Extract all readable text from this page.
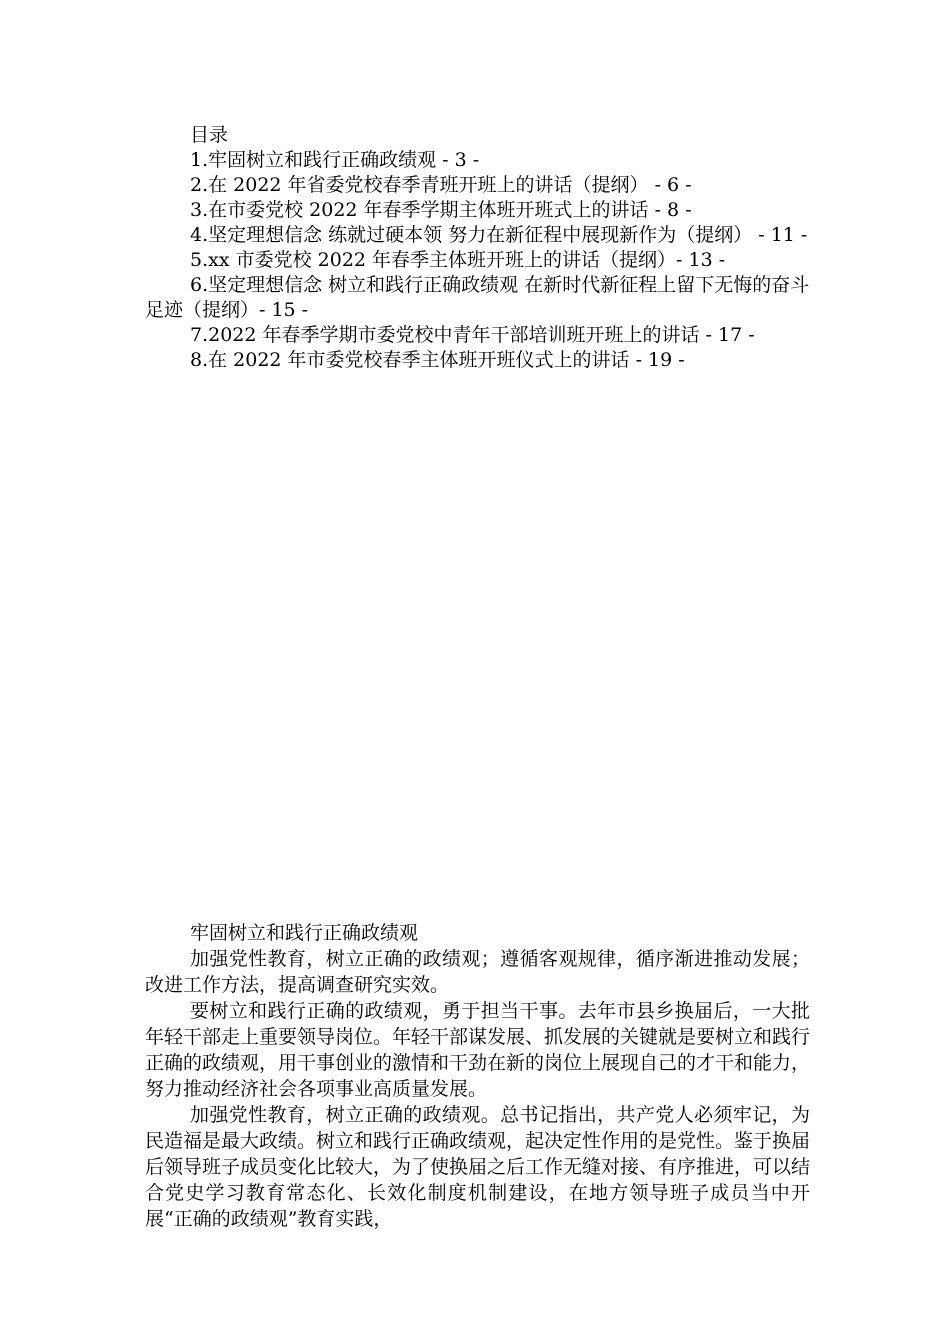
目录

1.牢固树立和践行正确政绩观 - 3 -

2.在 2022 年省委党校春季青班开班上的讲话（提纲） - 6 -

3.在市委党校 2022 年春季学期主体班开班式上的讲话 - 8 -

4.坚定理想信念 练就过硬本领 努力在新征程中展现新作为（提纲） - 11 -

5.xx 市委党校 2022 年春季主体班开班上的讲话（提纲）- 13 -

6.坚定理想信念 树立和践行正确政绩观 在新时代新征程上留下无悔的奋斗足迹（提纲）- 15 -

7.2022 年春季学期市委党校中青年干部培训班开班上的讲话 - 17 -

8.在 2022 年市委党校春季主体班开班仪式上的讲话 - 19 -

牢固树立和践行正确政绩观

加强党性教育，树立正确的政绩观；遵循客观规律，循序渐进推动发展；改进工作方法，提高调查研究实效。

要树立和践行正确的政绩观，勇于担当干事。去年市县乡换届后，一大批年轻干部走上重要领导岗位。年轻干部谋发展、抓发展的关键就是要树立和践行正确的政绩观，用干事创业的激情和干劲在新的岗位上展现自己的才干和能力，努力推动经济社会各项事业高质量发展。

加强党性教育，树立正确的政绩观。总书记指出，共产党人必须牢记，为民造福是最大政绩。树立和践行正确政绩观，起决定性作用的是党性。鉴于换届后领导班子成员变化比较大，为了使换届之后工作无缝对接、有序推进，可以结合党史学习教育常态化、长效化制度机制建设，在地方领导班子成员当中开展“正确的政绩观”教育实践，
